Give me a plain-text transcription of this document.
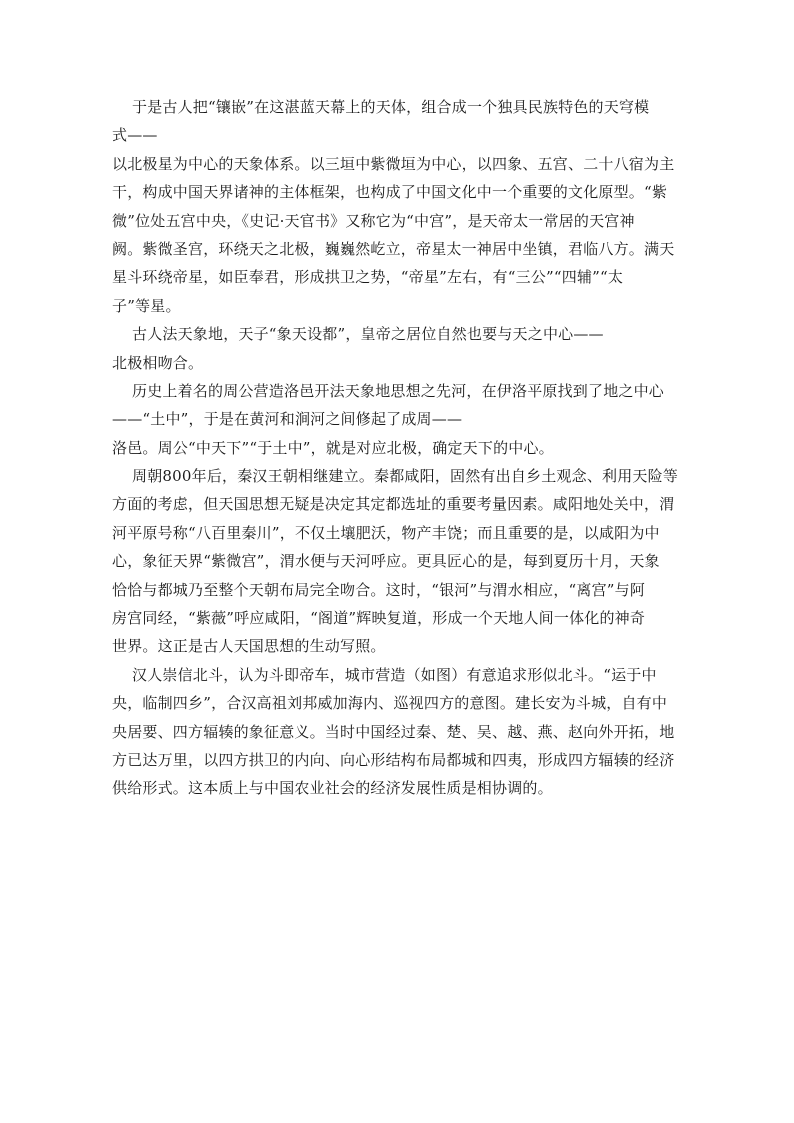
于是古人把“镶嵌”在这湛蓝天幕上的天体，组合成一个独具民族特色的天穹模
式——
以北极星为中心的天象体系。以三垣中紫微垣为中心，以四象、五宫、二十八宿为主
干，构成中国天界诸神的主体框架，也构成了中国文化中一个重要的文化原型。“紫
微”位处五宫中央，《史记·天官书》又称它为“中宫”，是天帝太一常居的天宫神
阙。紫微圣宫，环绕天之北极，巍巍然屹立，帝星太一神居中坐镇，君临八方。满天
星斗环绕帝星，如臣奉君，形成拱卫之势，“帝星”左右，有“三公”“四辅”“太
子”等星。
古人法天象地，天子“象天设都”，皇帝之居位自然也要与天之中心——
北极相吻合。
历史上着名的周公营造洛邑开法天象地思想之先河，在伊洛平原找到了地之中心
——“土中”，于是在黄河和涧河之间修起了成周——
洛邑。周公“中天下”“于土中”，就是对应北极，确定天下的中心。
周朝800年后，秦汉王朝相继建立。秦都咸阳，固然有出自乡土观念、利用天险等
方面的考虑，但天国思想无疑是决定其定都选址的重要考量因素。咸阳地处关中，渭
河平原号称“八百里秦川”，不仅土壤肥沃，物产丰饶；而且重要的是，以咸阳为中
心，象征天界“紫微宫”，渭水便与天河呼应。更具匠心的是，每到夏历十月，天象
恰恰与都城乃至整个天朝布局完全吻合。这时，“银河”与渭水相应，“离宫”与阿
房宫同经，“紫薇”呼应咸阳，“阁道”辉映复道，形成一个天地人间一体化的神奇
世界。这正是古人天国思想的生动写照。
汉人崇信北斗，认为斗即帝车，城市营造（如图）有意追求形似北斗。“运于中
央，临制四乡”，合汉高祖刘邦威加海内、巡视四方的意图。建长安为斗城，自有中
央居要、四方辐辏的象征意义。当时中国经过秦、楚、吴、越、燕、赵向外开拓，地
方已达万里，以四方拱卫的内向、向心形结构布局都城和四夷，形成四方辐辏的经济
供给形式。这本质上与中国农业社会的经济发展性质是相协调的。
